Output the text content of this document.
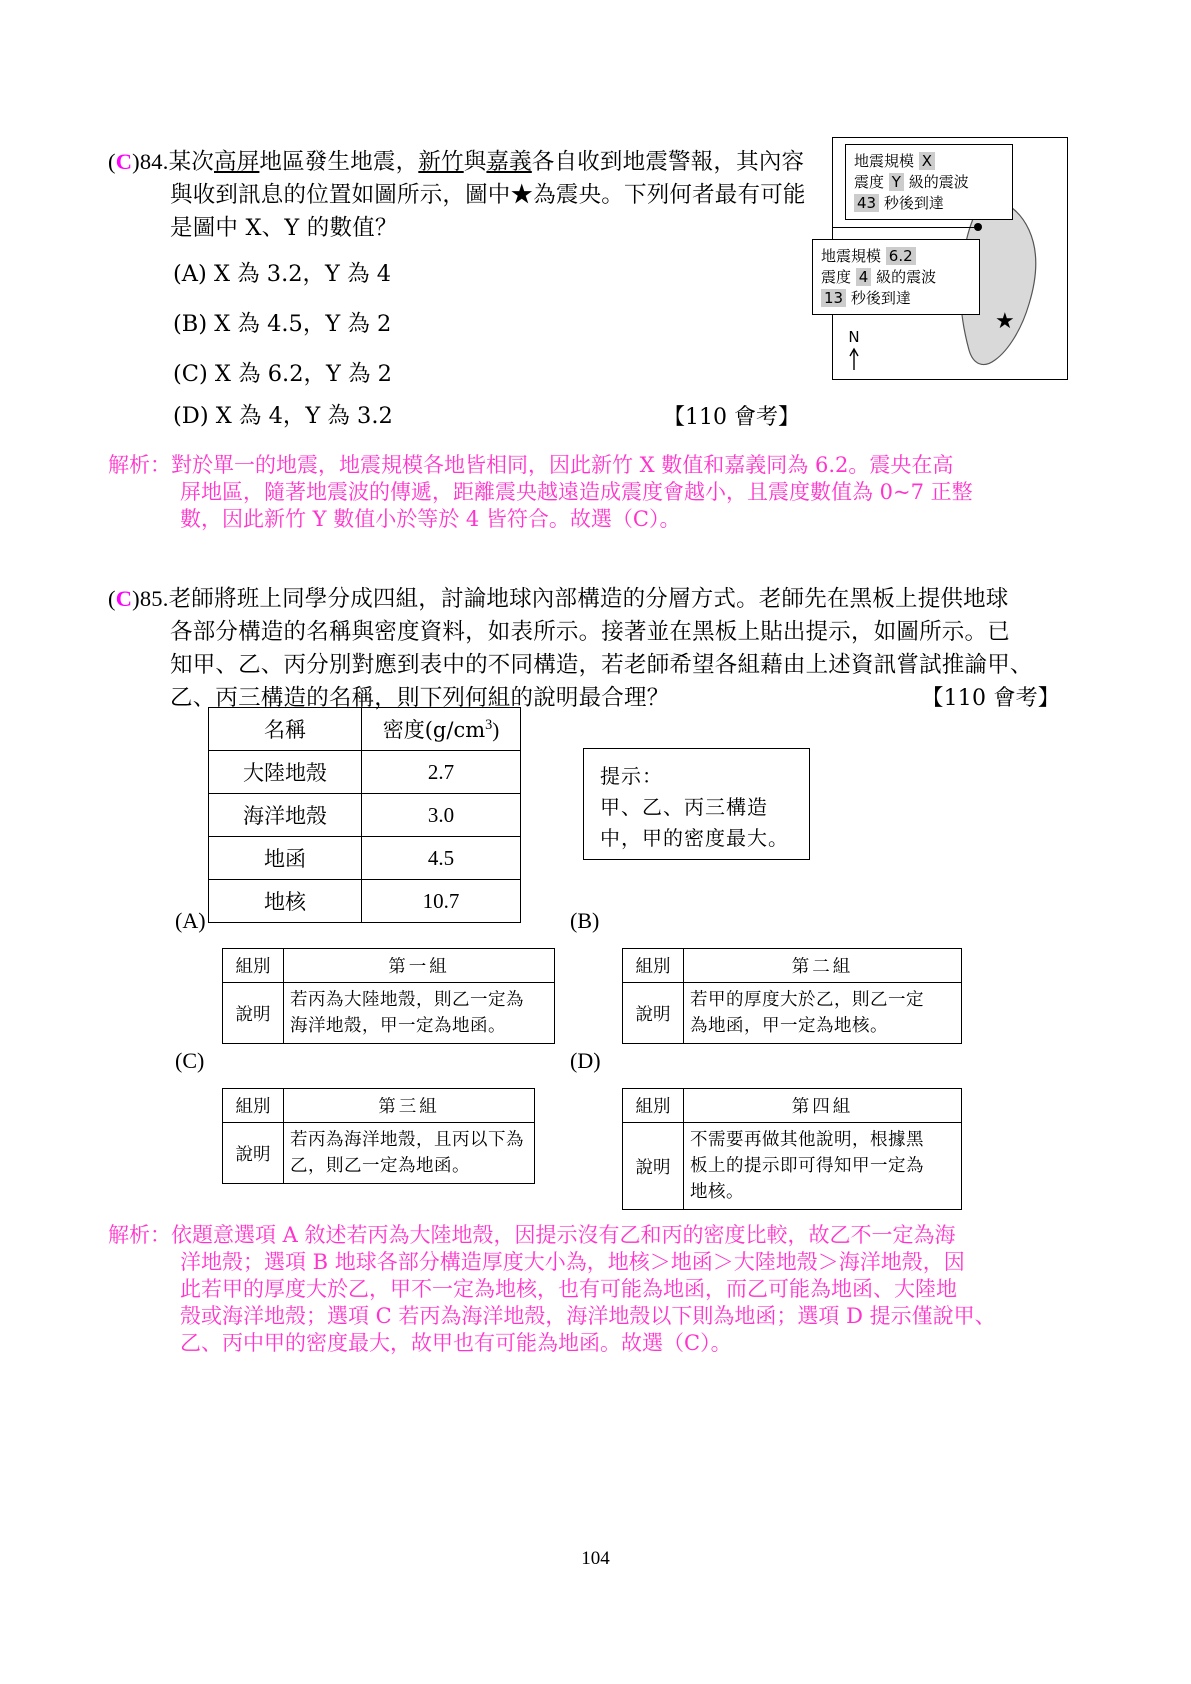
(C)84.某次高屏地區發生地震，新竹與嘉義各自收到地震警報，其內容
與收到訊息的位置如圖所示，圖中★為震央。下列何者最有可能
是圖中 X、Y 的數值？
(A) X 為 3.2，Y 為 4
(B) X 為 4.5，Y 為 2
(C) X 為 6.2，Y 為 2
(D) X 為 4，Y 為 3.2	【110 會考】
★
N
地震規模 X
震度 Y 級的震波
43 秒後到達
地震規模 6.2
震度 4 級的震波
13 秒後到達
解析： 對於單一的地震，地震規模各地皆相同，因此新竹 X 數值和嘉義同為 6.2。震央在高
屏地區，隨著地震波的傳遞，距離震央越遠造成震度會越小，且震度數值為 0~7 正整
數，因此新竹 Y 數值小於等於 4 皆符合。故選（C）。
(C)85.老師將班上同學分成四組，討論地球內部構造的分層方式。老師先在黑板上提供地球
各部分構造的名稱與密度資料，如表所示。接著並在黑板上貼出提示，如圖所示。已
知甲、乙、丙分別對應到表中的不同構造，若老師希望各組藉由上述資訊嘗試推論甲、
乙、丙三構造的名稱，則下列何組的說明最合理？	【110 會考】
名稱	密度$(g/cm^3)$
大陸地殼	2.7
海洋地殼	3.0
地函	4.5
地核	10.7
提示：
甲、乙、丙三構造
中，甲的密度最大。
(A)
組別	第一組
說明	若丙為大陸地殼，則乙一定為
海洋地殼，甲一定為地函。
(B)
組別	第二組
說明	若甲的厚度大於乙，則乙一定
為地函，甲一定為地核。
(C)
組別	第三組
說明	若丙為海洋地殼，且丙以下為
乙，則乙一定為地函。
(D)
組別	第四組
說明	不需要再做其他說明，根據黑
板上的提示即可得知甲一定為
地核。
解析： 依題意選項 A 敘述若丙為大陸地殼，因提示沒有乙和丙的密度比較，故乙不一定為海
洋地殼；選項 B 地球各部分構造厚度大小為，地核＞地函＞大陸地殼＞海洋地殼，因
此若甲的厚度大於乙，甲不一定為地核，也有可能為地函，而乙可能為地函、大陸地
殼或海洋地殼；選項 C 若丙為海洋地殼，海洋地殼以下則為地函；選項 D 提示僅說甲、
乙、丙中甲的密度最大，故甲也有可能為地函。故選（C）。
104
